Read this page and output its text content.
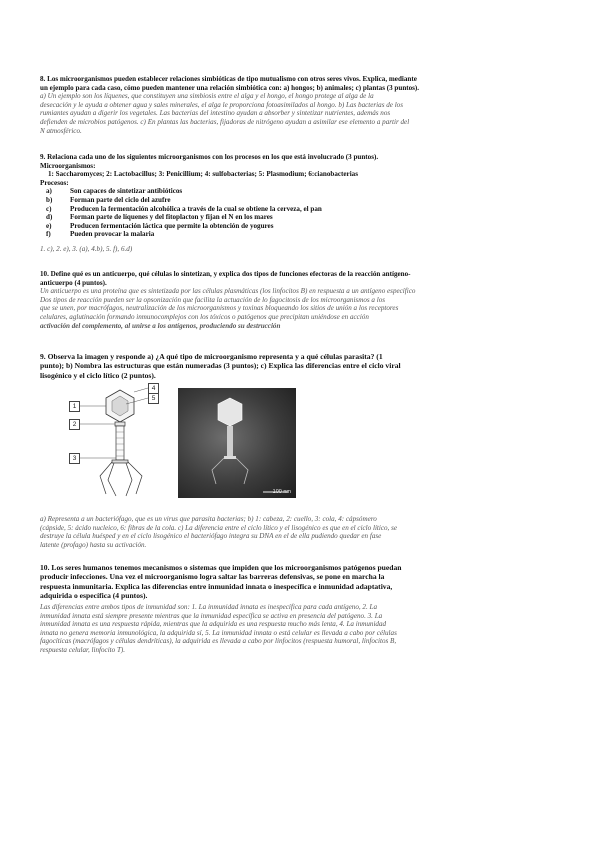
8. Los microorganismos pueden establecer relaciones simbióticas de tipo mutualismo con otros seres vivos. Explica, mediante
un ejemplo para cada caso, cómo pueden mantener una relación simbiótica con: a) hongos; b) animales; c) plantas (3 puntos).
a) Un ejemplo son los líquenes, que constituyen una simbiosis entre el alga y el hongo, el hongo protege al alga de la
desecación y le ayuda a obtener agua y sales minerales, el alga le proporciona fotoasimilados al hongo. b) Las bacterias de los
rumiantes ayudan a digerir los vegetales. Las bacterias del intestino ayudan a absorber y sintetizar nutrientes, además nos
defienden de microbios patógenos. c) En plantas las bacterias, fijadoras de nitrógeno ayudan a asimilar ese elemento a partir del
N atmosférico.
9. Relaciona cada uno de los siguientes microorganismos con los procesos en los que está involucrado (3 puntos).
Microorganismos:
1: Saccharomyces; 2: Lactobacillus; 3: Penicillium; 4: sulfobacterias; 5: Plasmodium; 6:cianobacterias
Procesos:
a)	Son capaces de sintetizar antibióticos
b)	Forman parte del ciclo del azufre
c)	Producen la fermentación alcohólica a través de la cual se obtiene la cerveza, el pan
d)	Forman parte de líquenes y del fitoplacton y fijan el N en los mares
e)	Producen fermentación láctica que permite la obtención de yogures
f)	Pueden provocar la malaria
1. c), 2. e), 3. (a), 4.b), 5. f), 6.d)
10. Define qué es un anticuerpo, qué células lo sintetizan, y explica dos tipos de funciones efectoras de la reacción antígeno-
anticuerpo (4 puntos).
Un anticuerpo es una proteína que es sintetizada por las células plasmáticas (los linfocitos B) en respuesta a un antígeno específico
Dos tipos de reacción pueden ser la opsonización que facilita la actuación de lo fagocitosis de los microorganismos a los
que se unen, por macrófagos, neutralización de los microorganismos y toxinas bloqueando los sitios de unión a los receptores
celulares, aglutinación formando inmunocomplejos con los tóxicos o patógenos que precipitan uniéndose en acción
activación del complemento, al unirse a los antígenos, produciendo su destrucción
9. Observa la imagen y responde a) ¿A qué tipo de microorganismo representa y a qué células parasita? (1
punto); b) Nombra las estructuras que están numeradas (3 puntos); c) Explica las diferencias entre el ciclo viral
lisogénico y el ciclo lítico (2 puntos).
1
2
3
4
5
100 nm
a) Representa a un bacteriófago, que es un virus que parasita bacterias; b) 1: cabeza, 2: cuello, 3: cola, 4: cápsómero
(cápside, 5: ácido nucleico, 6: fibras de la cola. c) La diferencia entre el ciclo lítico y el lisogénico es que en el ciclo lítico, se
destruye la célula huésped y en el ciclo lisogénico el bacteriófago integra su DNA en el de ella pudiendo quedar en fase
latente (profago) hasta su activación.
10. Los seres humanos tenemos mecanismos o sistemas que impiden que los microorganismos patógenos puedan
producir infecciones. Una vez el microorganismo logra saltar las barreras defensivas, se pone en marcha la
respuesta inmunitaria. Explica las diferencias entre inmunidad innata o inespecífica e inmunidad adaptativa,
adquirida o específica (4 puntos).
Las diferencias entre ambos tipos de inmunidad son: 1. La inmunidad innata es inespecífica para cada antígeno, 2. La
inmunidad innata está siempre presente mientras que la inmunidad específica se activa en presencia del patógeno. 3. La
inmunidad innata es una respuesta rápida, mientras que la adquirida es una respuesta mucho más lenta, 4. La inmunidad
innata no genera memoria inmunológica, la adquirida sí, 5. La inmunidad innata o está celular es llevada a cabo por células
fagocíticas (macrófagos y células dendríticas), la adquirida es llevada a cabo por linfocitos (respuesta humoral, linfocitos B,
respuesta celular, linfocito T).
